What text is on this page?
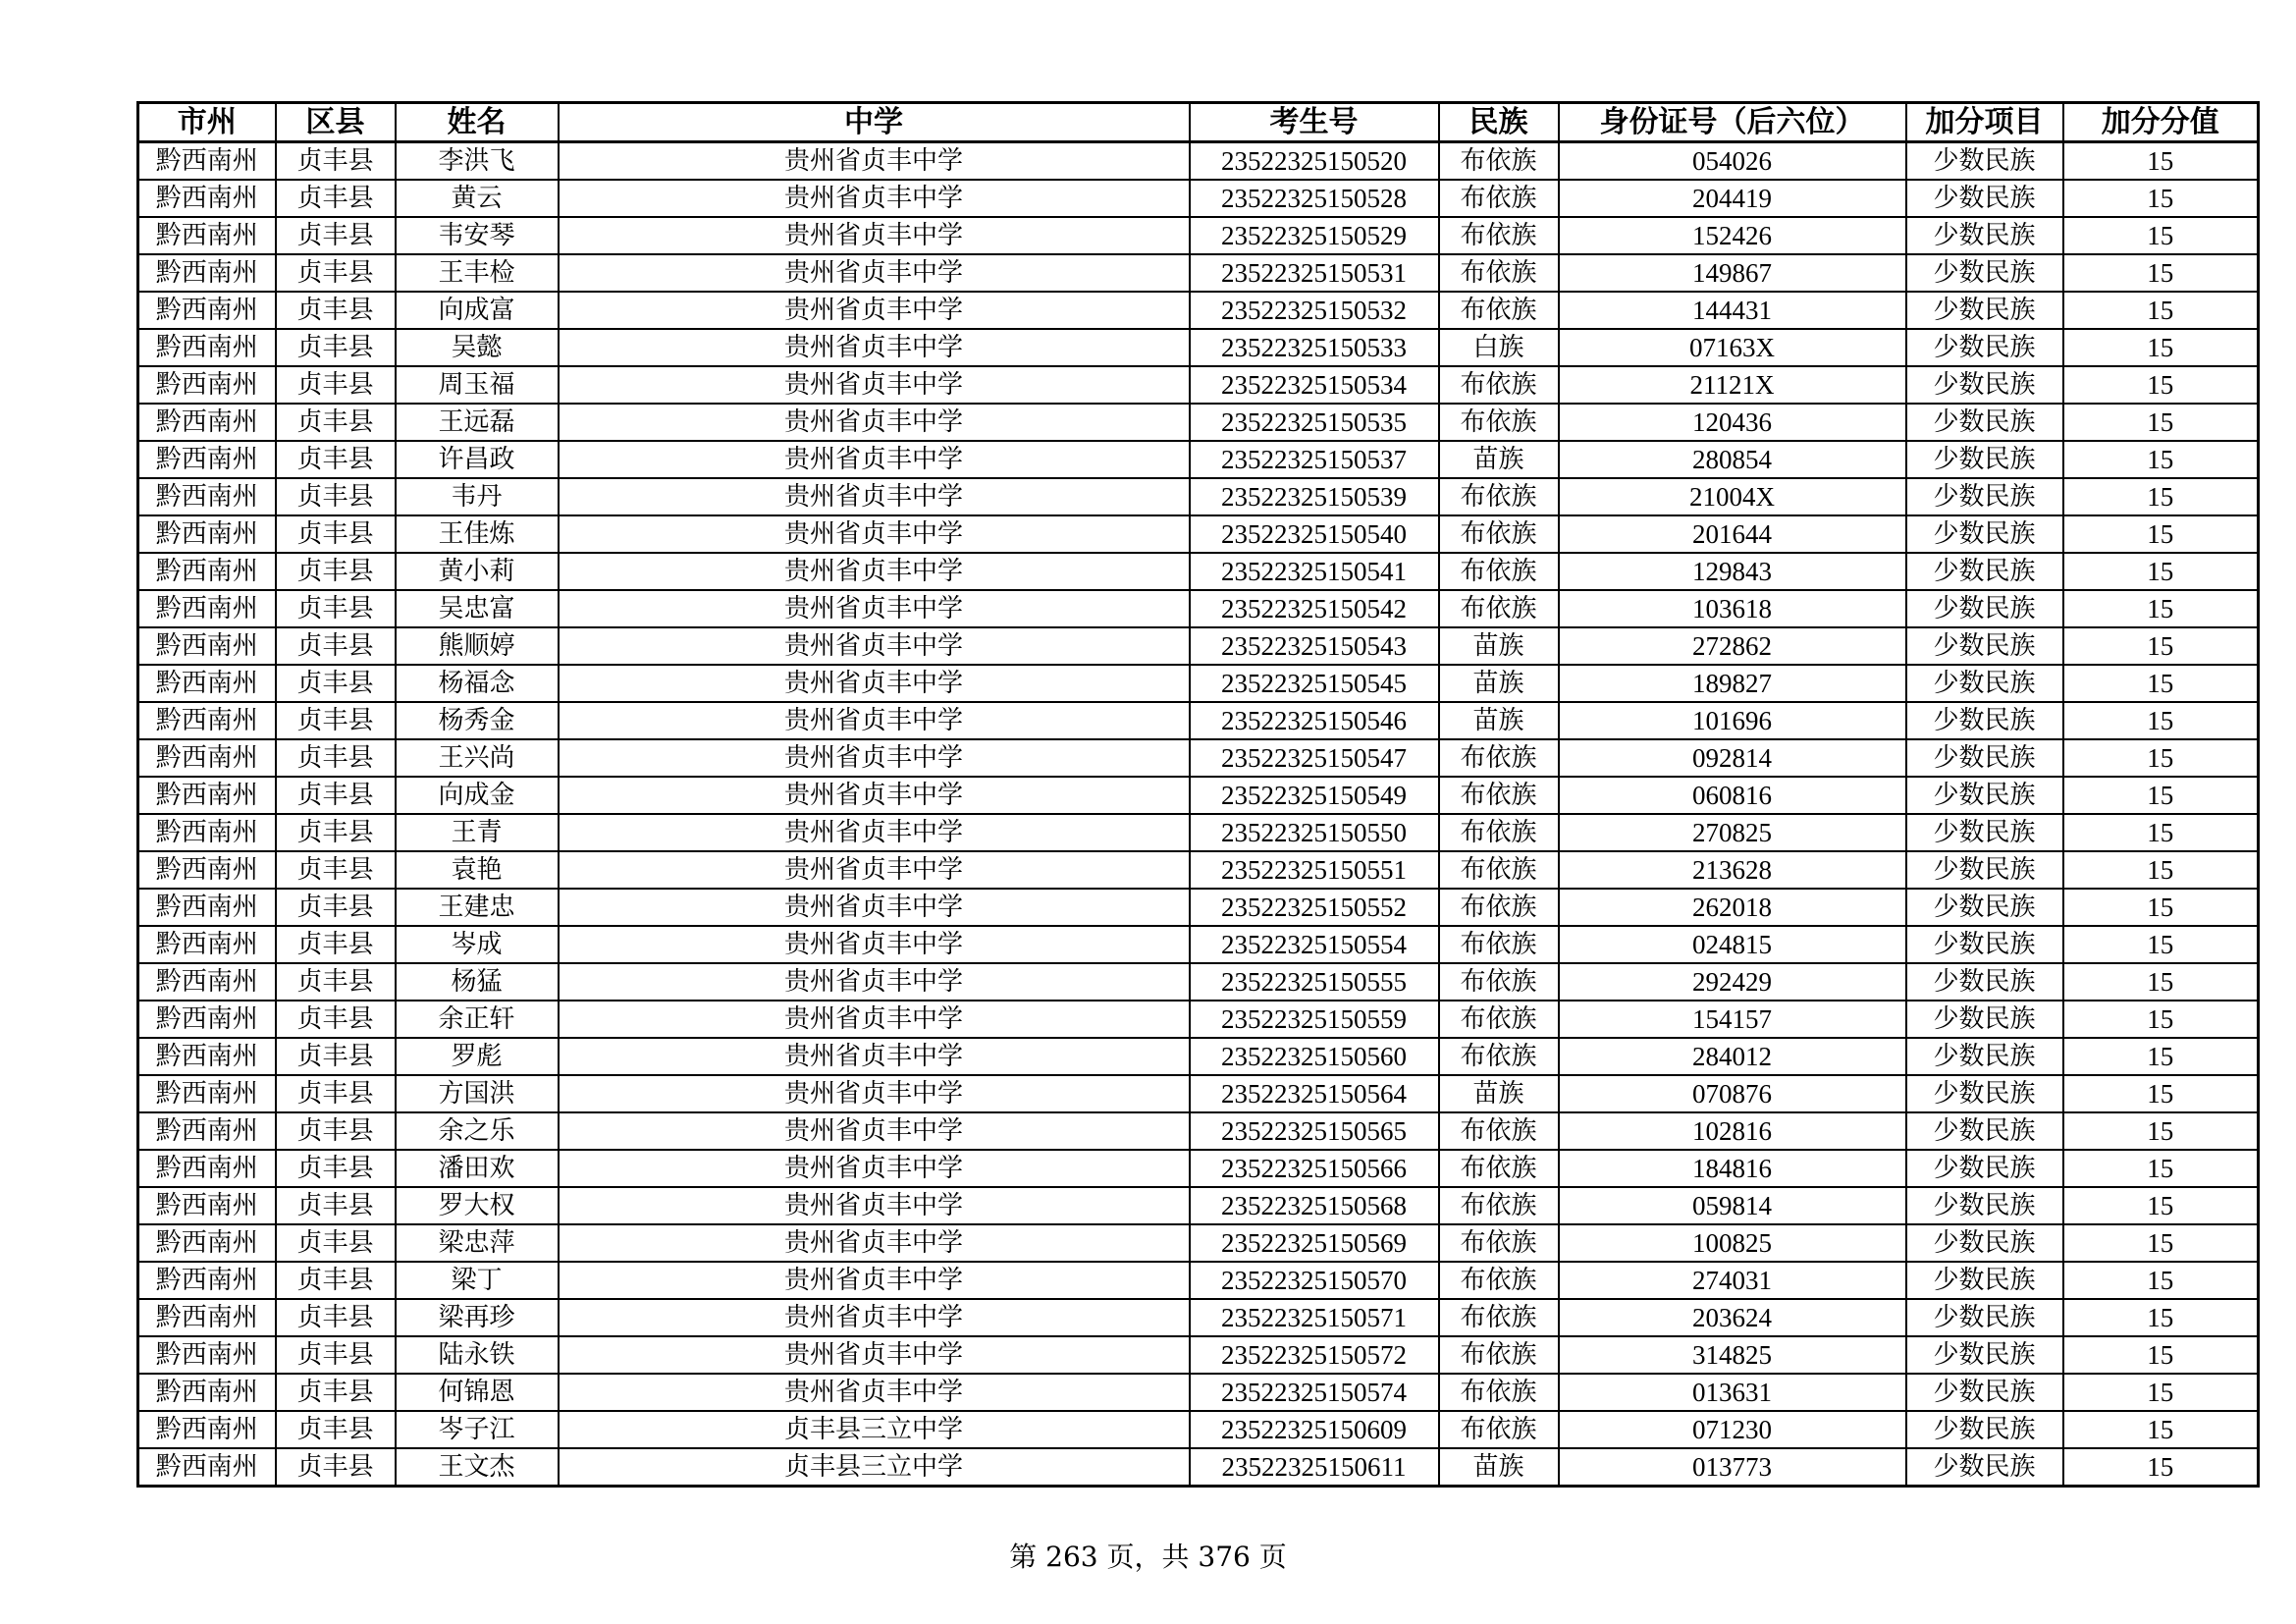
市州	区县	姓名	中学	考生号	民族	身份证号（后六位）	加分项目	加分分值
黔西南州	贞丰县	李洪飞	贵州省贞丰中学	23522325150520	布依族	054026	少数民族	15
黔西南州	贞丰县	黄云	贵州省贞丰中学	23522325150528	布依族	204419	少数民族	15
黔西南州	贞丰县	韦安琴	贵州省贞丰中学	23522325150529	布依族	152426	少数民族	15
黔西南州	贞丰县	王丰检	贵州省贞丰中学	23522325150531	布依族	149867	少数民族	15
黔西南州	贞丰县	向成富	贵州省贞丰中学	23522325150532	布依族	144431	少数民族	15
黔西南州	贞丰县	吴懿	贵州省贞丰中学	23522325150533	白族	07163X	少数民族	15
黔西南州	贞丰县	周玉福	贵州省贞丰中学	23522325150534	布依族	21121X	少数民族	15
黔西南州	贞丰县	王远磊	贵州省贞丰中学	23522325150535	布依族	120436	少数民族	15
黔西南州	贞丰县	许昌政	贵州省贞丰中学	23522325150537	苗族	280854	少数民族	15
黔西南州	贞丰县	韦丹	贵州省贞丰中学	23522325150539	布依族	21004X	少数民族	15
黔西南州	贞丰县	王佳炼	贵州省贞丰中学	23522325150540	布依族	201644	少数民族	15
黔西南州	贞丰县	黄小莉	贵州省贞丰中学	23522325150541	布依族	129843	少数民族	15
黔西南州	贞丰县	吴忠富	贵州省贞丰中学	23522325150542	布依族	103618	少数民族	15
黔西南州	贞丰县	熊顺婷	贵州省贞丰中学	23522325150543	苗族	272862	少数民族	15
黔西南州	贞丰县	杨福念	贵州省贞丰中学	23522325150545	苗族	189827	少数民族	15
黔西南州	贞丰县	杨秀金	贵州省贞丰中学	23522325150546	苗族	101696	少数民族	15
黔西南州	贞丰县	王兴尚	贵州省贞丰中学	23522325150547	布依族	092814	少数民族	15
黔西南州	贞丰县	向成金	贵州省贞丰中学	23522325150549	布依族	060816	少数民族	15
黔西南州	贞丰县	王青	贵州省贞丰中学	23522325150550	布依族	270825	少数民族	15
黔西南州	贞丰县	袁艳	贵州省贞丰中学	23522325150551	布依族	213628	少数民族	15
黔西南州	贞丰县	王建忠	贵州省贞丰中学	23522325150552	布依族	262018	少数民族	15
黔西南州	贞丰县	岑成	贵州省贞丰中学	23522325150554	布依族	024815	少数民族	15
黔西南州	贞丰县	杨猛	贵州省贞丰中学	23522325150555	布依族	292429	少数民族	15
黔西南州	贞丰县	余正轩	贵州省贞丰中学	23522325150559	布依族	154157	少数民族	15
黔西南州	贞丰县	罗彪	贵州省贞丰中学	23522325150560	布依族	284012	少数民族	15
黔西南州	贞丰县	方国洪	贵州省贞丰中学	23522325150564	苗族	070876	少数民族	15
黔西南州	贞丰县	余之乐	贵州省贞丰中学	23522325150565	布依族	102816	少数民族	15
黔西南州	贞丰县	潘田欢	贵州省贞丰中学	23522325150566	布依族	184816	少数民族	15
黔西南州	贞丰县	罗大权	贵州省贞丰中学	23522325150568	布依族	059814	少数民族	15
黔西南州	贞丰县	梁忠萍	贵州省贞丰中学	23522325150569	布依族	100825	少数民族	15
黔西南州	贞丰县	梁丁	贵州省贞丰中学	23522325150570	布依族	274031	少数民族	15
黔西南州	贞丰县	梁再珍	贵州省贞丰中学	23522325150571	布依族	203624	少数民族	15
黔西南州	贞丰县	陆永铁	贵州省贞丰中学	23522325150572	布依族	314825	少数民族	15
黔西南州	贞丰县	何锦恩	贵州省贞丰中学	23522325150574	布依族	013631	少数民族	15
黔西南州	贞丰县	岑子江	贞丰县三立中学	23522325150609	布依族	071230	少数民族	15
黔西南州	贞丰县	王文杰	贞丰县三立中学	23522325150611	苗族	013773	少数民族	15
第 263 页，共 376 页
